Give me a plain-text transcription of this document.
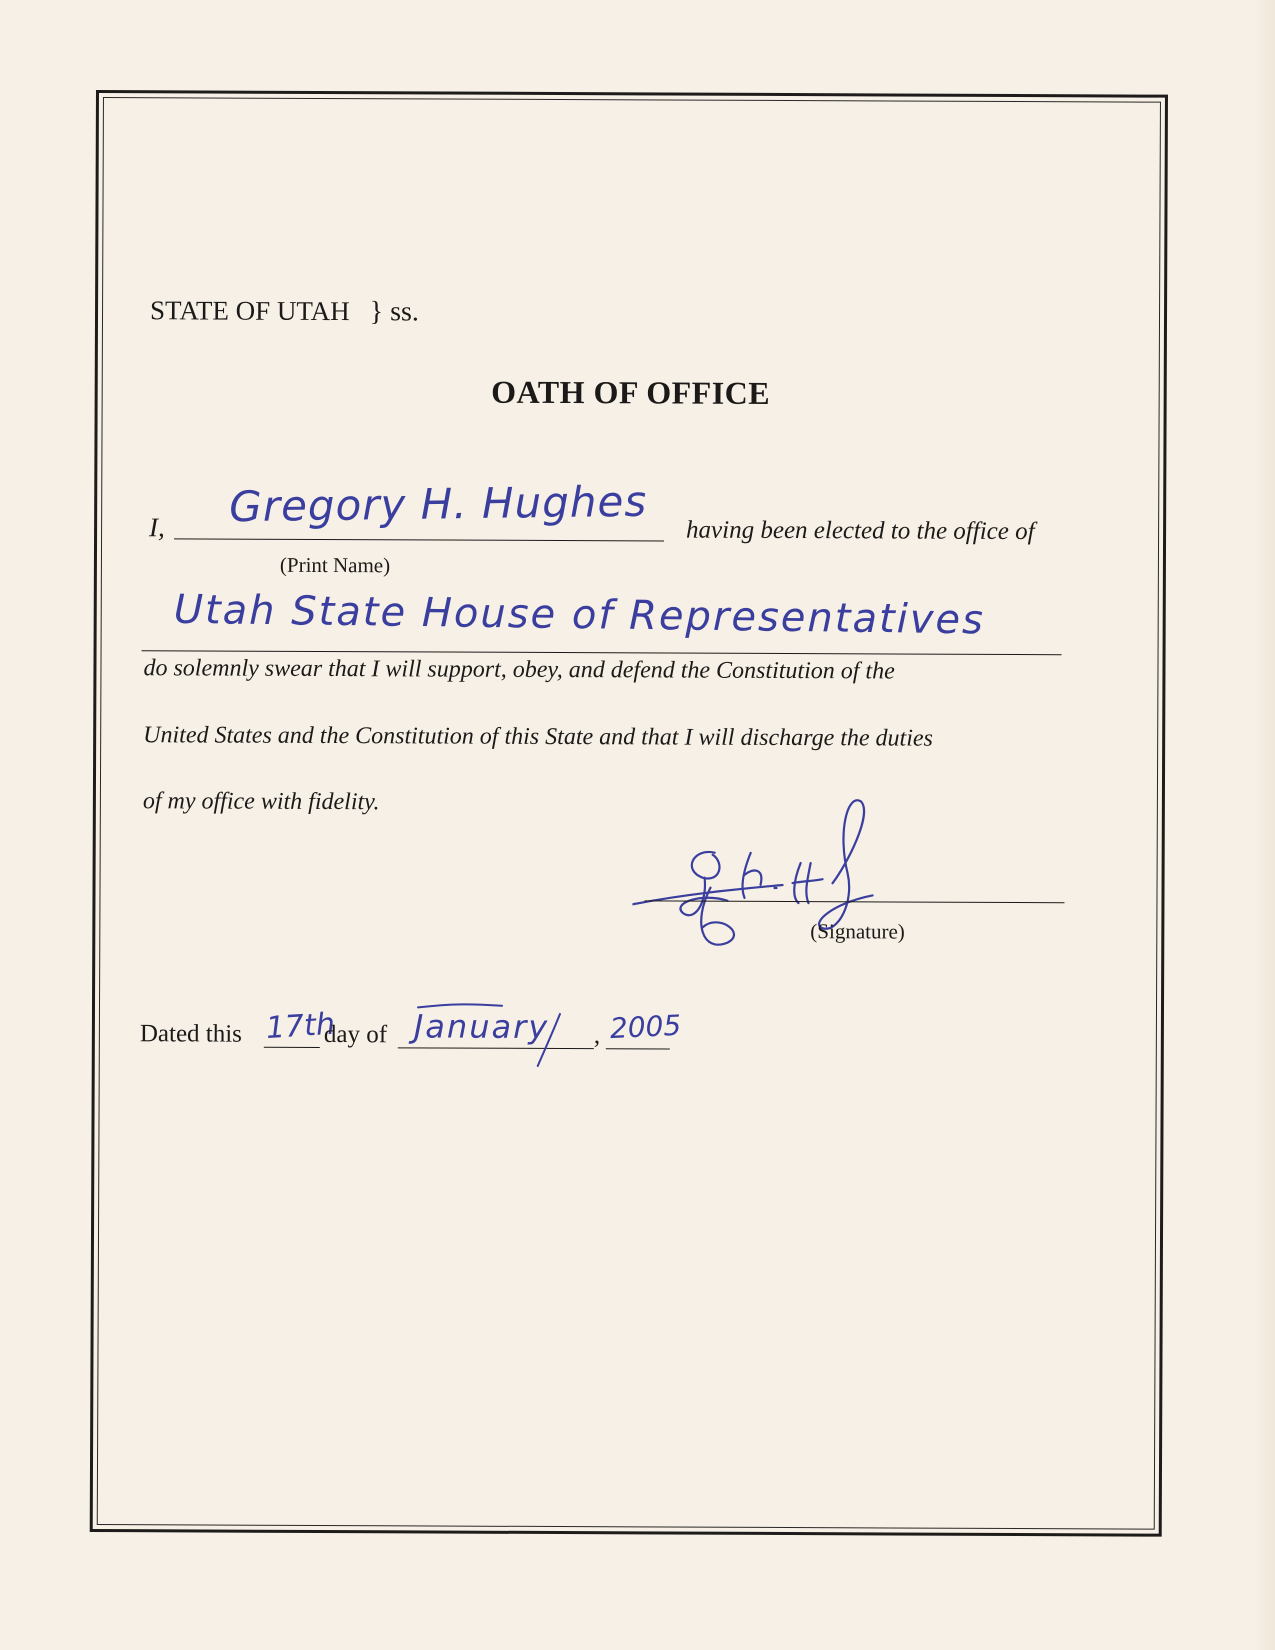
STATE OF UTAH } ss.
OATH OF OFFICE
I, Gregory H. Hughes
(Print Name)
having been elected to the office of
Utah State House of Representatives
do solemnly swear that I will support, obey, and defend the Constitution of the
United States and the Constitution of this State and that I will discharge the duties
of my office with fidelity.
(Signature)
Dated this 17th
day of January , 2005
